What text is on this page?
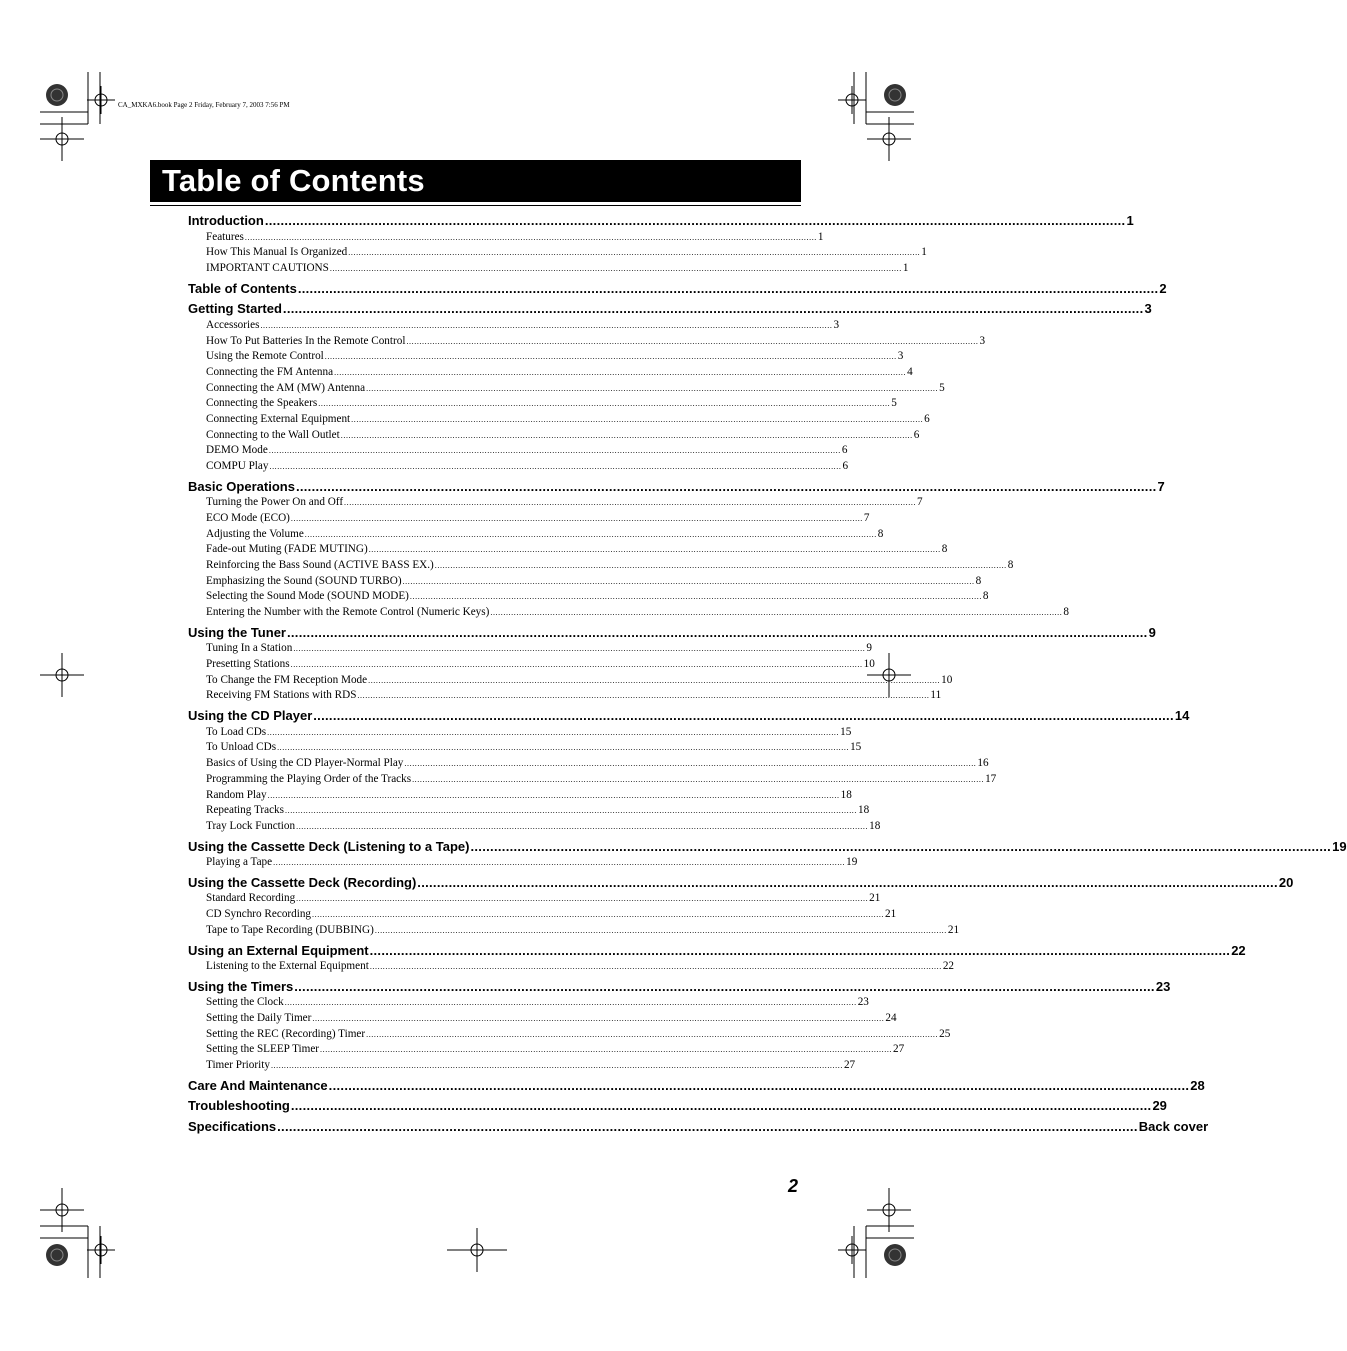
CA_MXKA6.book Page 2 Friday, February 7, 2003 7:56 PM
Table of Contents
Introduction ............................................................................................................................................................................................................................ 1
Features ............................................................................................................................................................................................................................ 1
How This Manual Is Organized ............................................................................................................................................................................................................................ 1
IMPORTANT CAUTIONS ............................................................................................................................................................................................................................ 1
Table of Contents ............................................................................................................................................................................................................................ 2
Getting Started ............................................................................................................................................................................................................................ 3
Accessories ............................................................................................................................................................................................................................ 3
How To Put Batteries In the Remote Control ............................................................................................................................................................................................................................ 3
Using the Remote Control ............................................................................................................................................................................................................................ 3
Connecting the FM Antenna ............................................................................................................................................................................................................................ 4
Connecting the AM (MW) Antenna ............................................................................................................................................................................................................................ 5
Connecting the Speakers ............................................................................................................................................................................................................................ 5
Connecting External Equipment ............................................................................................................................................................................................................................ 6
Connecting to the Wall Outlet ............................................................................................................................................................................................................................ 6
DEMO Mode ............................................................................................................................................................................................................................ 6
COMPU Play ............................................................................................................................................................................................................................ 6
Basic Operations ............................................................................................................................................................................................................................ 7
Turning the Power On and Off ............................................................................................................................................................................................................................ 7
ECO Mode (ECO) ............................................................................................................................................................................................................................ 7
Adjusting the Volume ............................................................................................................................................................................................................................ 8
Fade-out Muting (FADE MUTING) ............................................................................................................................................................................................................................ 8
Reinforcing the Bass Sound (ACTIVE BASS EX.) ............................................................................................................................................................................................................................ 8
Emphasizing the Sound (SOUND TURBO) ............................................................................................................................................................................................................................ 8
Selecting the Sound Mode (SOUND MODE) ............................................................................................................................................................................................................................ 8
Entering the Number with the Remote Control (Numeric Keys) ............................................................................................................................................................................................................................ 8
Using the Tuner ............................................................................................................................................................................................................................ 9
Tuning In a Station ............................................................................................................................................................................................................................ 9
Presetting Stations ............................................................................................................................................................................................................................ 10
To Change the FM Reception Mode ............................................................................................................................................................................................................................ 10
Receiving FM Stations with RDS ............................................................................................................................................................................................................................ 11
Using the CD Player ............................................................................................................................................................................................................................ 14
To Load CDs ............................................................................................................................................................................................................................ 15
To Unload CDs ............................................................................................................................................................................................................................ 15
Basics of Using the CD Player-Normal Play ............................................................................................................................................................................................................................ 16
Programming the Playing Order of the Tracks ............................................................................................................................................................................................................................ 17
Random Play ............................................................................................................................................................................................................................ 18
Repeating Tracks ............................................................................................................................................................................................................................ 18
Tray Lock Function ............................................................................................................................................................................................................................ 18
Using the Cassette Deck (Listening to a Tape) ............................................................................................................................................................................................................................ 19
Playing a Tape ............................................................................................................................................................................................................................ 19
Using the Cassette Deck (Recording) ............................................................................................................................................................................................................................ 20
Standard Recording ............................................................................................................................................................................................................................ 21
CD Synchro Recording ............................................................................................................................................................................................................................ 21
Tape to Tape Recording (DUBBING) ............................................................................................................................................................................................................................ 21
Using an External Equipment ............................................................................................................................................................................................................................ 22
Listening to the External Equipment ............................................................................................................................................................................................................................ 22
Using the Timers ............................................................................................................................................................................................................................ 23
Setting the Clock ............................................................................................................................................................................................................................ 23
Setting the Daily Timer ............................................................................................................................................................................................................................ 24
Setting the REC (Recording) Timer ............................................................................................................................................................................................................................ 25
Setting the SLEEP Timer ............................................................................................................................................................................................................................ 27
Timer Priority ............................................................................................................................................................................................................................ 27
Care And Maintenance ............................................................................................................................................................................................................................ 28
Troubleshooting ............................................................................................................................................................................................................................ 29
Specifications ............................................................................................................................................................................................................................ Back cover
2
